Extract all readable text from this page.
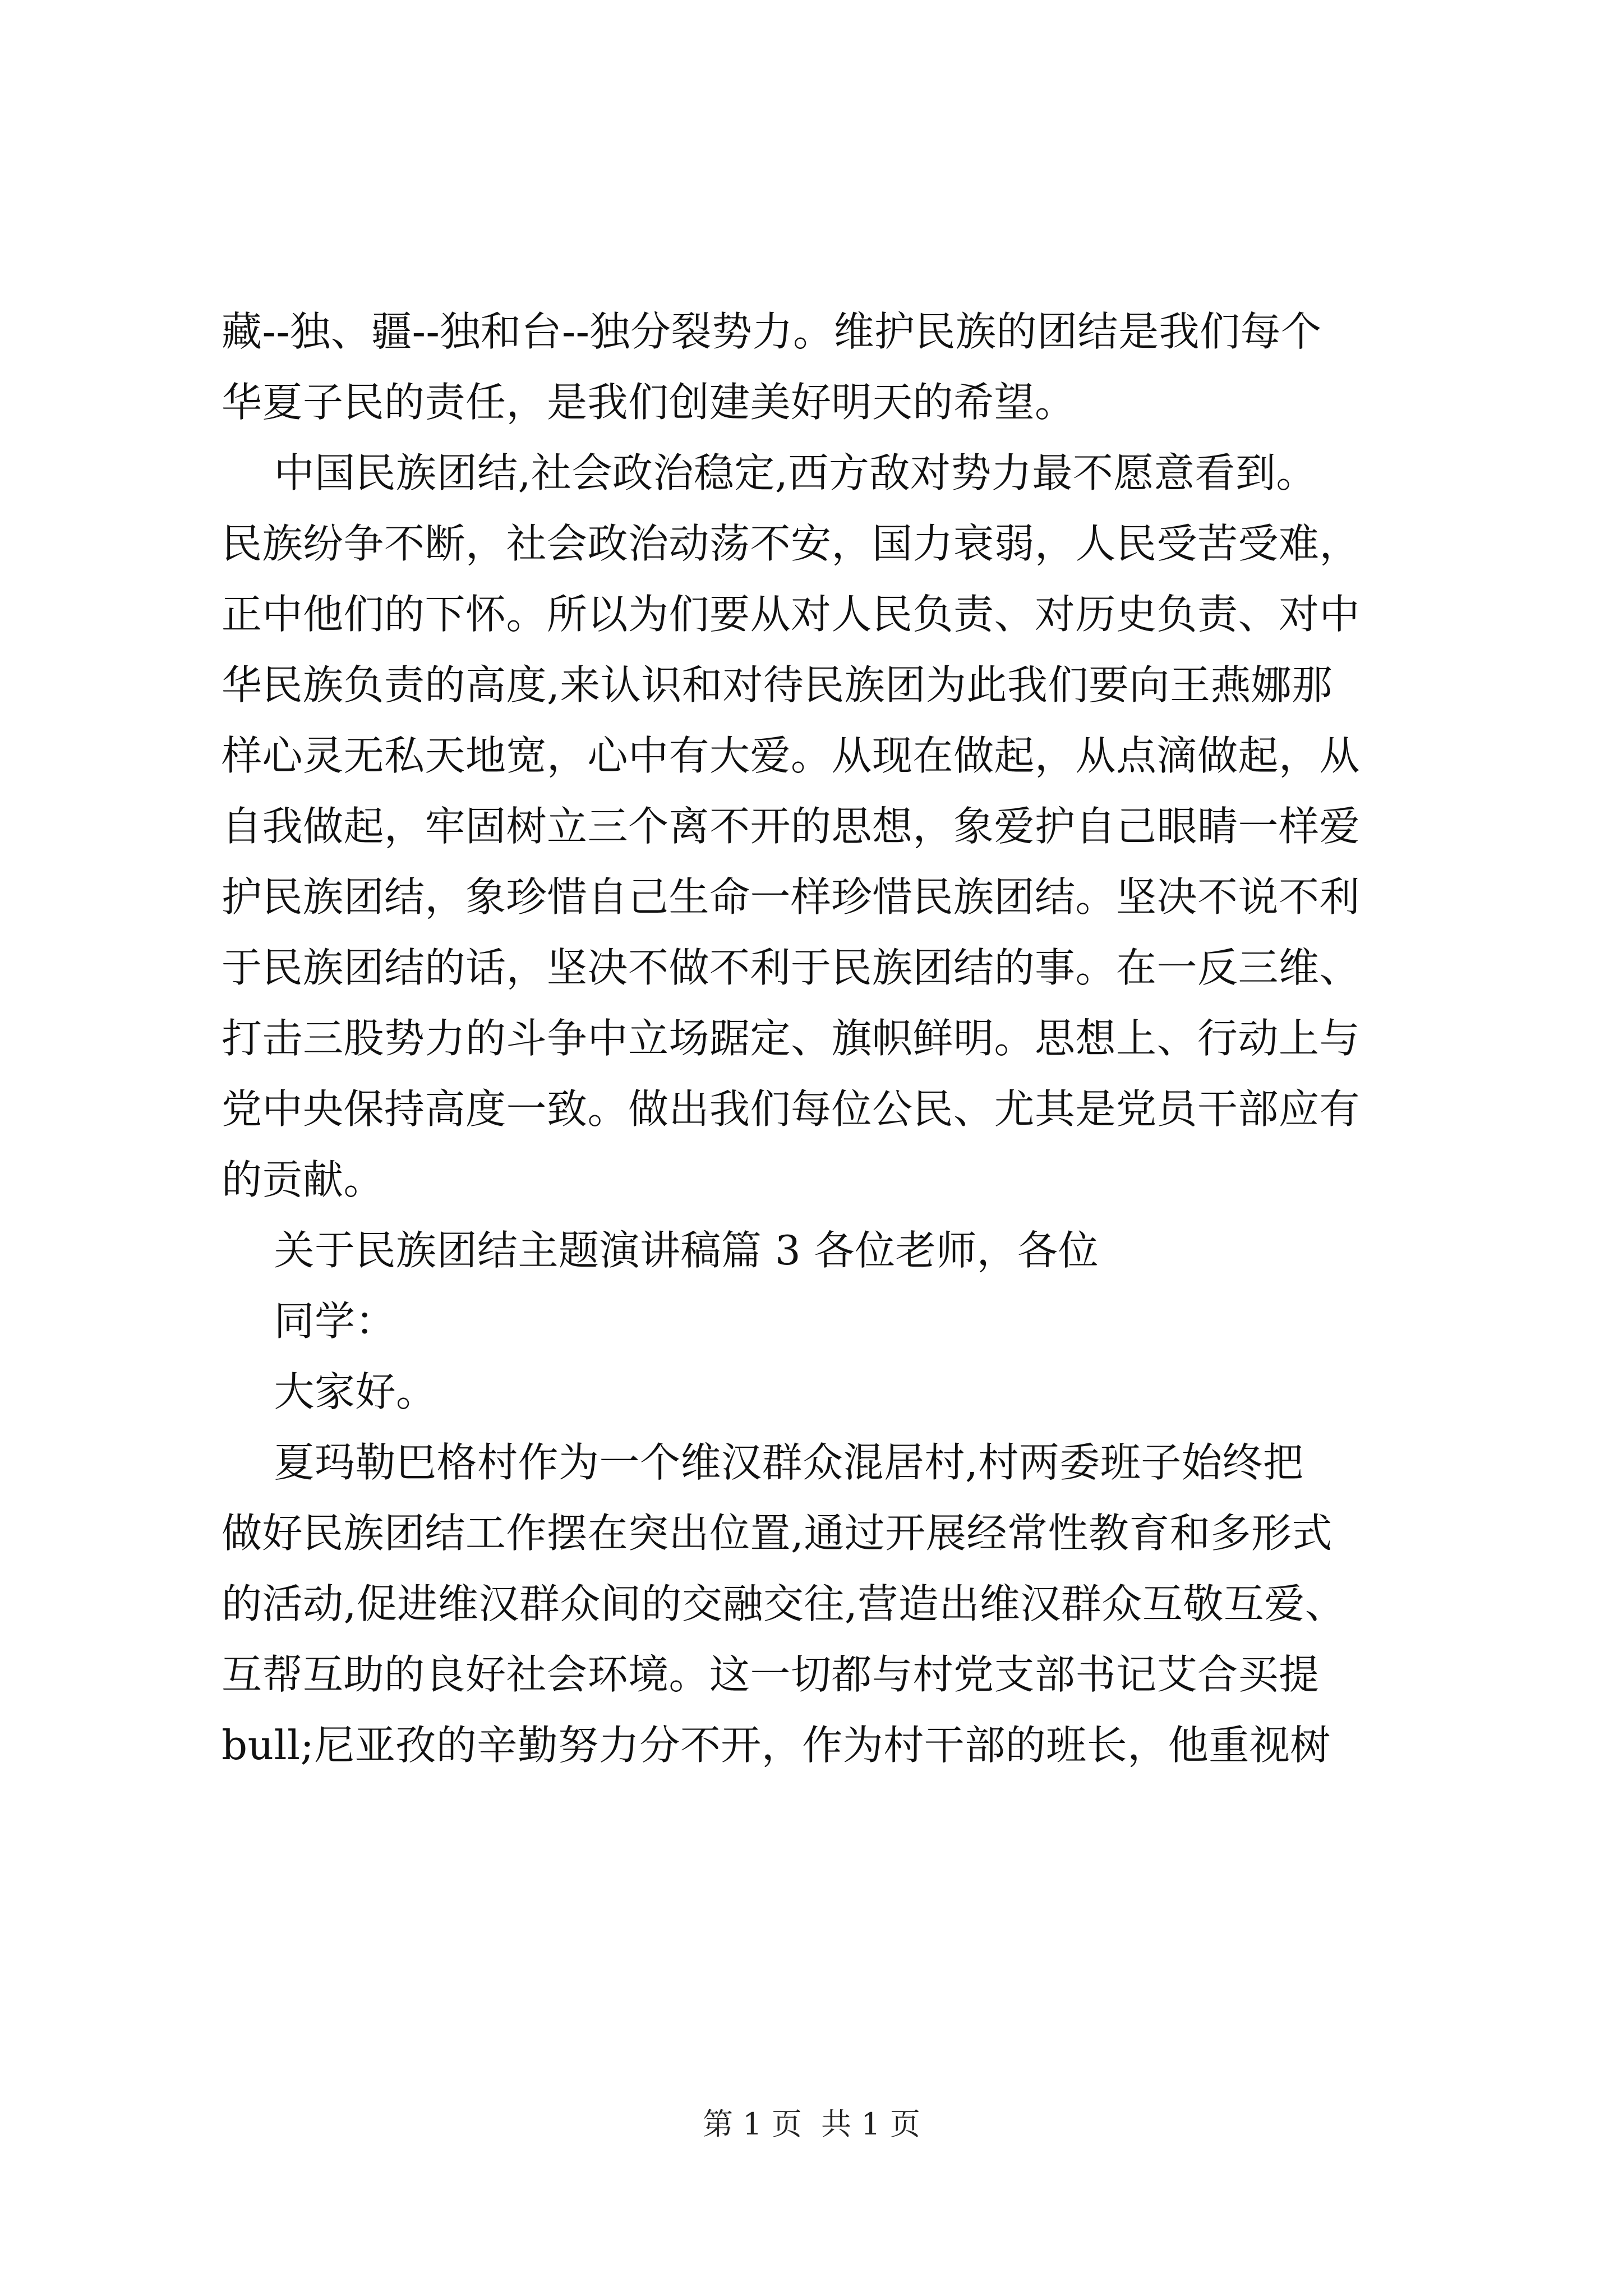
藏--独、疆--独和台--独分裂势力。维护民族的团结是我们每个
华夏子民的责任，是我们创建美好明天的希望。
中国民族团结,社会政治稳定,西方敌对势力最不愿意看到。
民族纷争不断，社会政治动荡不安，国力衰弱，人民受苦受难，
正中他们的下怀。所以为们要从对人民负责、对历史负责、对中
华民族负责的高度,来认识和对待民族团为此我们要向王燕娜那
样心灵无私天地宽，心中有大爱。从现在做起，从点滴做起，从
自我做起，牢固树立三个离不开的思想，象爱护自己眼睛一样爱
护民族团结，象珍惜自己生命一样珍惜民族团结。坚决不说不利
于民族团结的话，坚决不做不利于民族团结的事。在一反三维、
打击三股势力的斗争中立场踞定、旗帜鲜明。思想上、行动上与
党中央保持高度一致。做出我们每位公民、尤其是党员干部应有
的贡献。
关于民族团结主题演讲稿篇 3 各位老师，各位
同学：
大家好。
夏玛勒巴格村作为一个维汉群众混居村,村两委班子始终把
做好民族团结工作摆在突出位置,通过开展经常性教育和多形式
的活动,促进维汉群众间的交融交往,营造出维汉群众互敬互爱、
互帮互助的良好社会环境。这一切都与村党支部书记艾合买提
bull;尼亚孜的辛勤努力分不开，作为村干部的班长，他重视树
第 1 页  共 1 页
